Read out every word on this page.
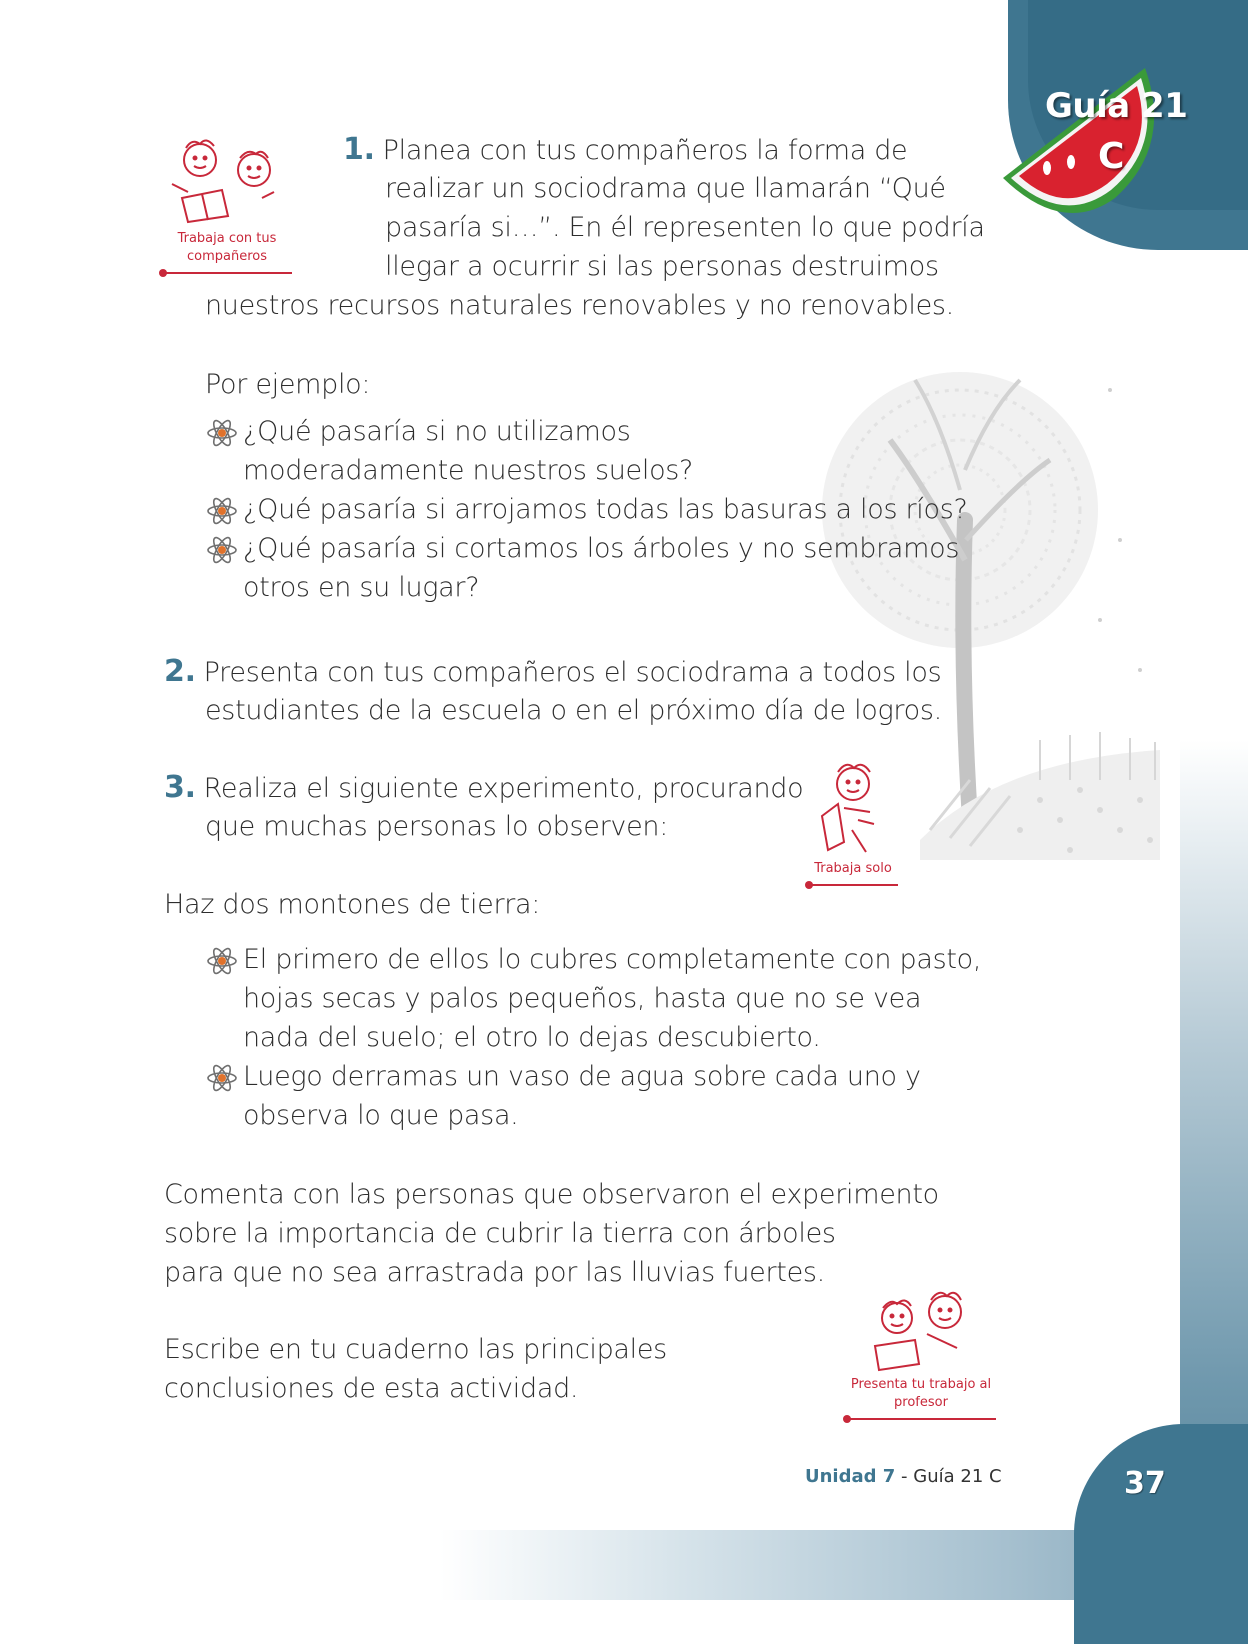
Guía 21
C
Trabaja con tus compañeros
1. Planea con tus compañeros la forma de
realizar un sociodrama que llamarán “Qué
pasaría si…”. En él representen lo que podría
llegar a ocurrir si las personas destruimos
nuestros recursos naturales renovables y no renovables.
Por ejemplo:
¿Qué pasaría si no utilizamos
moderadamente nuestros suelos?
¿Qué pasaría si arrojamos todas las basuras a los ríos?
¿Qué pasaría si cortamos los árboles y no sembramos
otros en su lugar?
2. Presenta con tus compañeros el sociodrama a todos los
estudiantes de la escuela o en el próximo día de logros.
3. Realiza el siguiente experimento, procurando
que muchas personas lo observen:
Trabaja solo
Haz dos montones de tierra:
El primero de ellos lo cubres completamente con pasto,
hojas secas y palos pequeños, hasta que no se vea
nada del suelo; el otro lo dejas descubierto.
Luego derramas un vaso de agua sobre cada uno y
observa lo que pasa.
Comenta con las personas que observaron el experimento
sobre la importancia de cubrir la tierra con árboles
para que no sea arrastrada por las lluvias fuertes.
Escribe en tu cuaderno las principales
conclusiones de esta actividad.	Presenta tu trabajo al profesor
Unidad 7 - Guía 21 C	37
